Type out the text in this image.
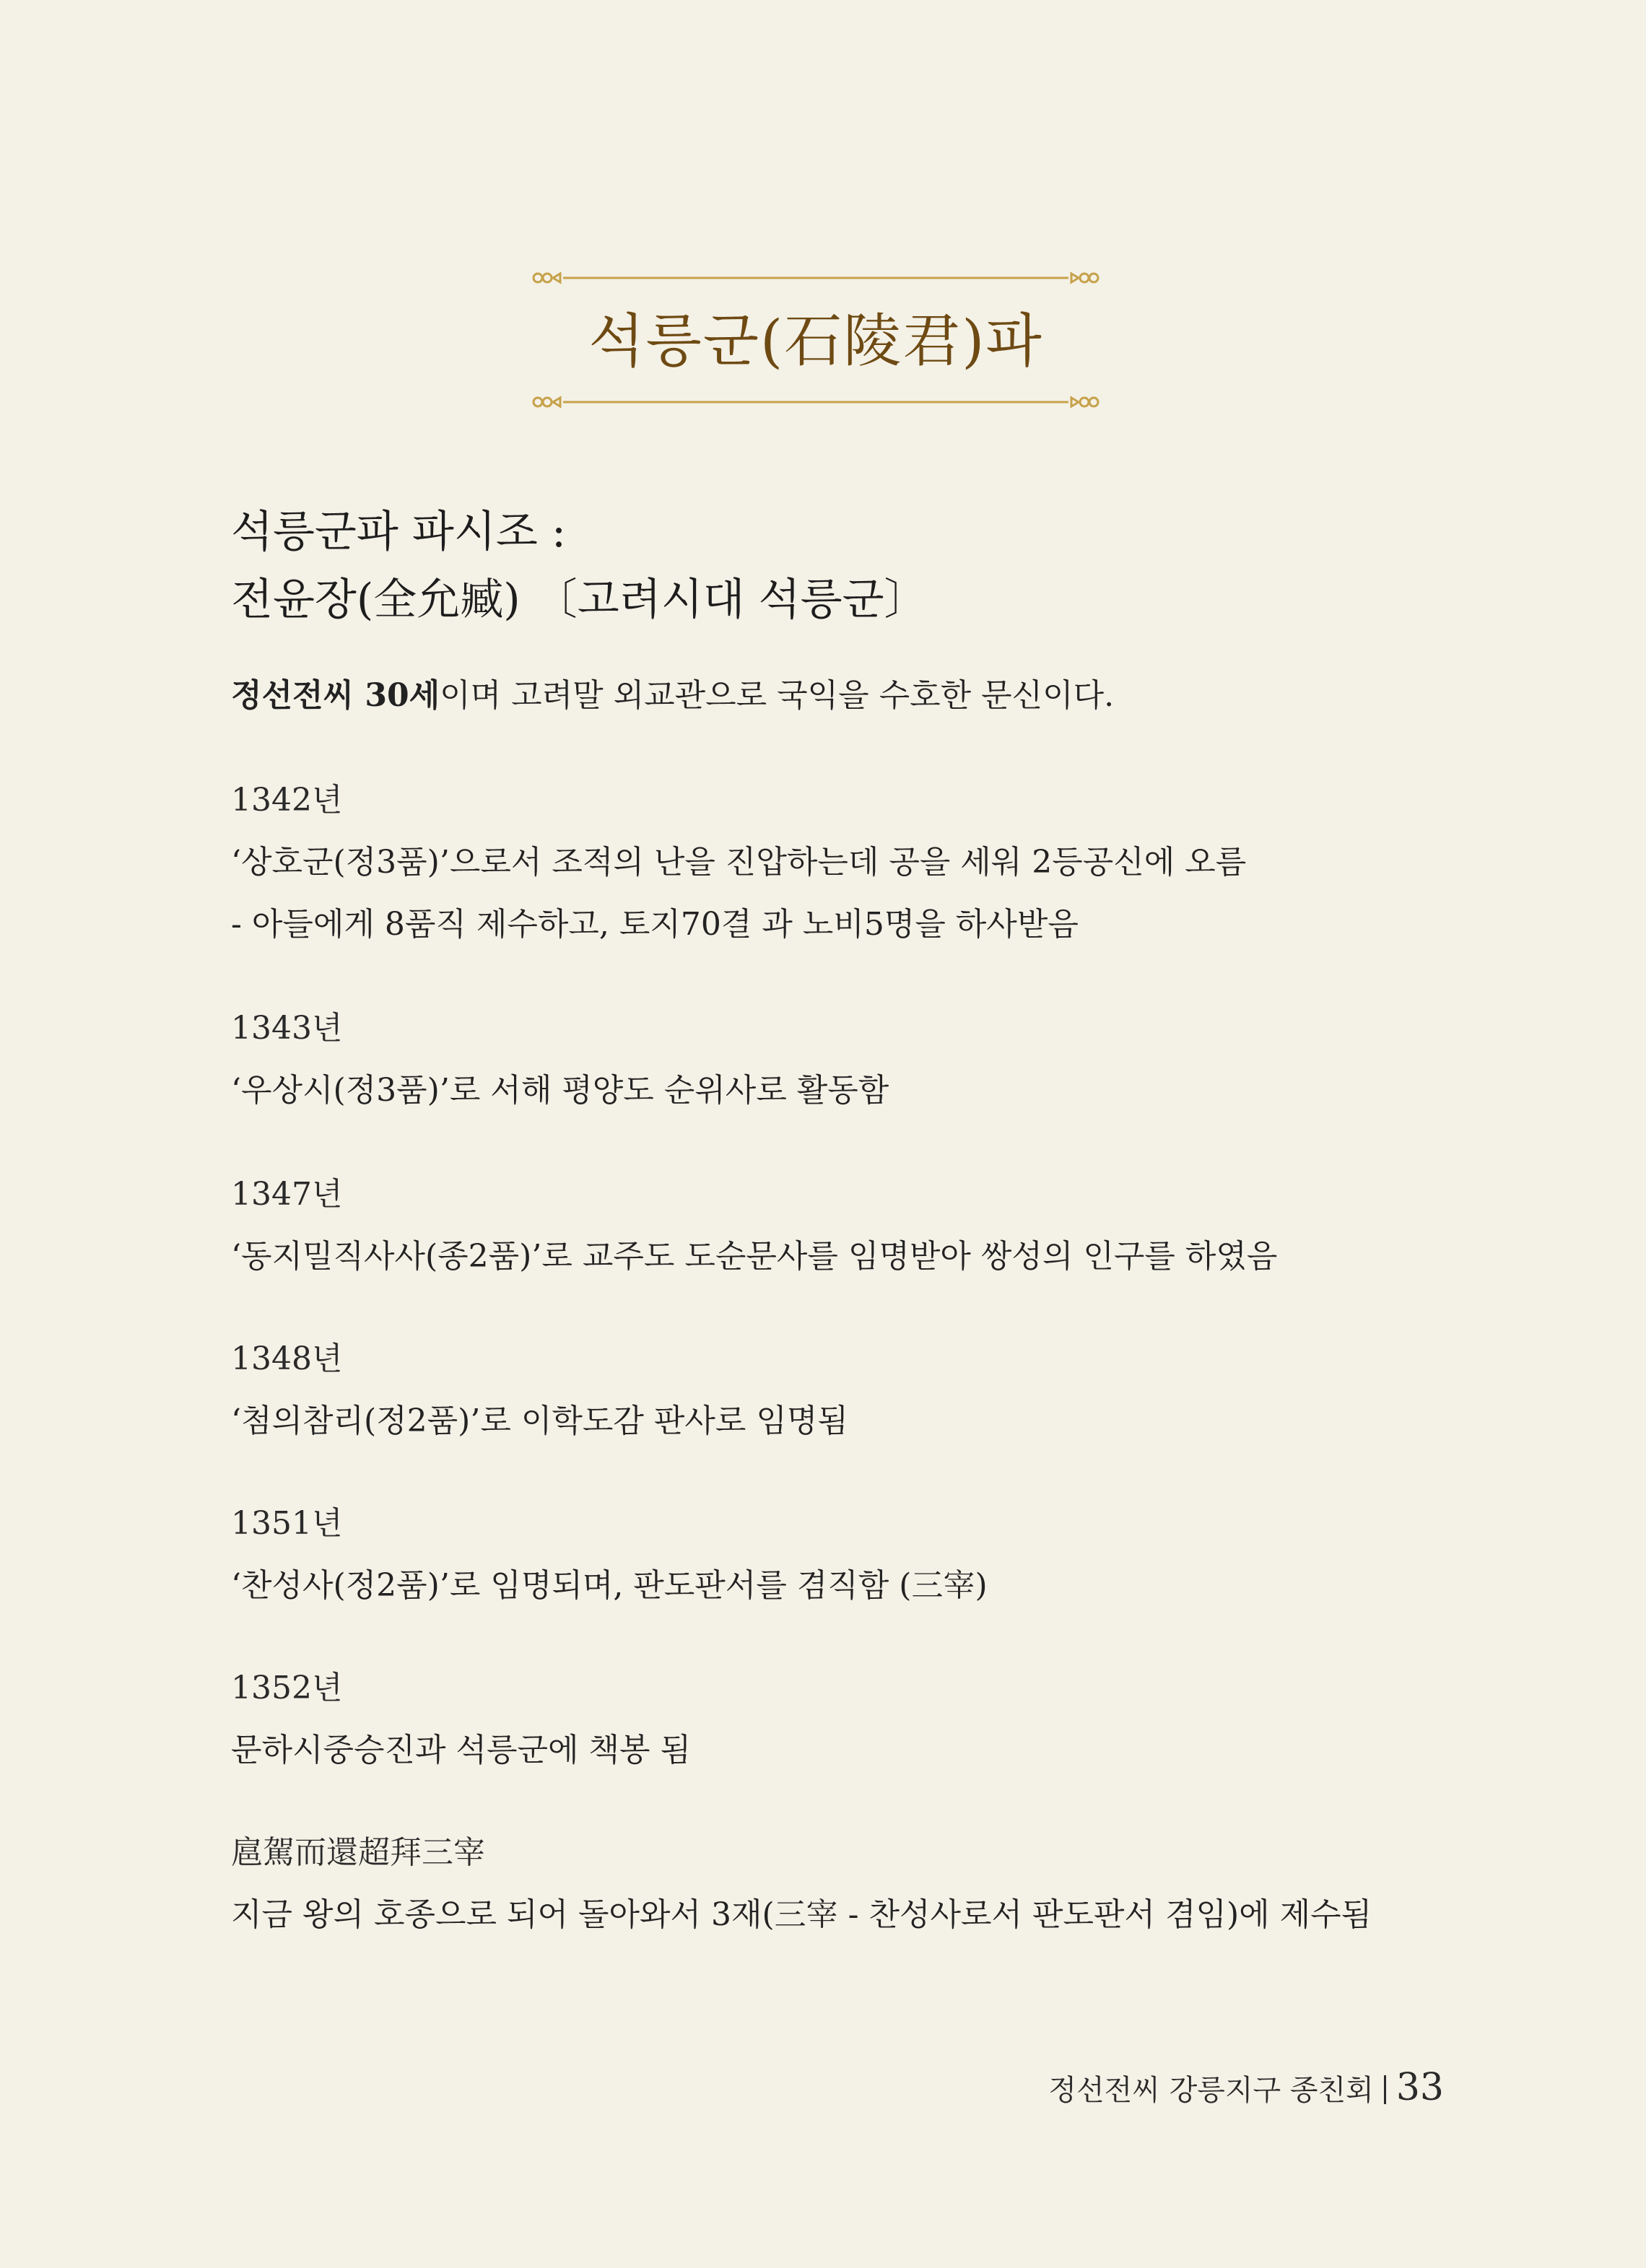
석릉군(石陵君)파
석릉군파 파시조 :
전윤장(全允臧) 〔고려시대 석릉군〕
정선전씨 30세이며 고려말 외교관으로 국익을 수호한 문신이다.
1342년
‘상호군(정3품)’으로서 조적의 난을 진압하는데 공을 세워 2등공신에 오름
- 아들에게 8품직 제수하고, 토지70결 과 노비5명을 하사받음
1343년
‘우상시(정3품)’로 서해 평양도 순위사로 활동함
1347년
‘동지밀직사사(종2품)’로 교주도 도순문사를 임명받아 쌍성의 인구를 하였음
1348년
‘첨의참리(정2품)’로 이학도감 판사로 임명됨
1351년
‘찬성사(정2품)’로 임명되며, 판도판서를 겸직함 (三宰)
1352년
문하시중승진과 석릉군에 책봉 됨
扈駕而還超拜三宰
지금 왕의 호종으로 되어 돌아와서 3재(三宰 - 찬성사로서 판도판서 겸임)에 제수됨
정선전씨 강릉지구 종친회 33
